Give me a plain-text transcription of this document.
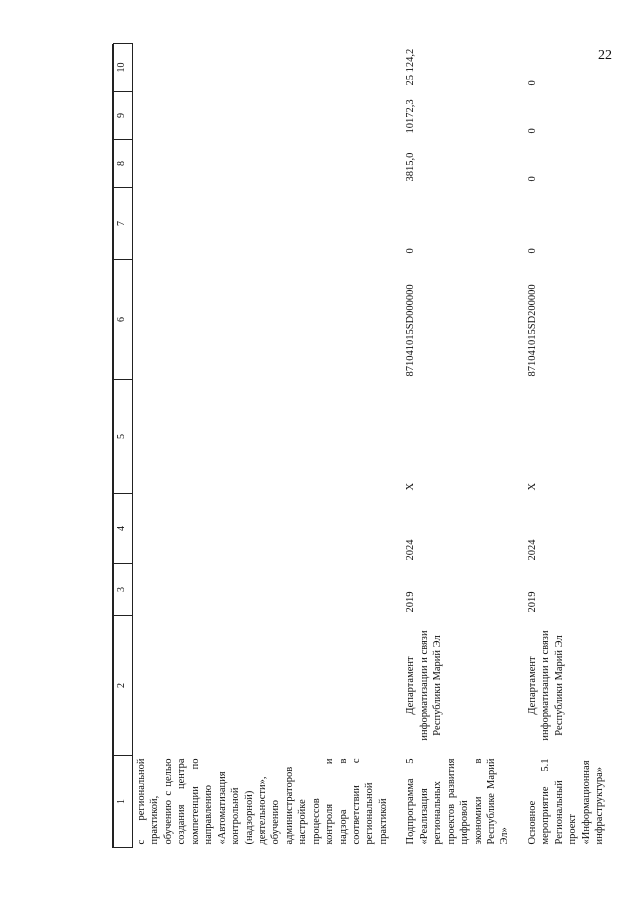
22
1	2	3	4	5	6	7	8	9	10
с региональной практикой, обучению с целью создания центра компетенции по направлению «Автоматизация контрольной (надзорной) деятельности», обучению администраторов настройке процессов контроля и надзора в соответствии с региональной практикой									

Подпрограмма 5 «Реализация региональных проектов развития цифровой экономики в Республике Марий Эл»	Департамент информатизации и связи Республики Марий Эл	2019	2024	Х	871041015SD000000	0	3815,0	10172,3	25 124,2

Основное мероприятие 5.1 Региональный проект «Информационная инфраструктура»	Департамент информатизации и связи Республики Марий Эл	2019	2024	Х	871041015SD200000	0	0	0	0
